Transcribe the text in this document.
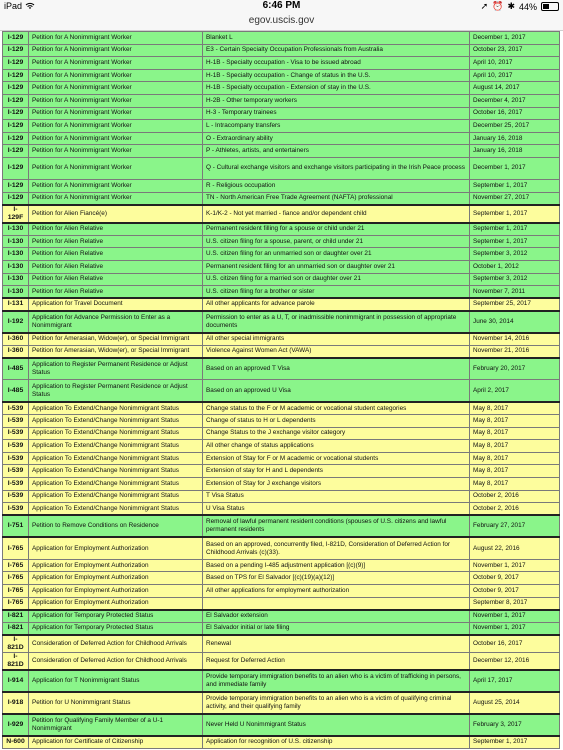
iPad	6:46 PM	➚ ⏰ ✱ 44%
egov.uscis.gov
I-129	Petition for A Nonimmigrant Worker	Blanket L	December 1, 2017
I-129	Petition for A Nonimmigrant Worker	E3 - Certain Specialty Occupation Professionals from Australia	October 23, 2017
I-129	Petition for A Nonimmigrant Worker	H-1B - Specialty occupation - Visa to be issued abroad	April 10, 2017
I-129	Petition for A Nonimmigrant Worker	H-1B - Specialty occupation - Change of status in the U.S.	April 10, 2017
I-129	Petition for A Nonimmigrant Worker	H-1B - Specialty occupation - Extension of stay in the U.S.	August 14, 2017
I-129	Petition for A Nonimmigrant Worker	H-2B - Other temporary workers	December 4, 2017
I-129	Petition for A Nonimmigrant Worker	H-3 - Temporary trainees	October 16, 2017
I-129	Petition for A Nonimmigrant Worker	L - Intracompany transfers	December 25, 2017
I-129	Petition for A Nonimmigrant Worker	O - Extraordinary ability	January 16, 2018
I-129	Petition for A Nonimmigrant Worker	P - Athletes, artists, and entertainers	January 16, 2018
I-129	Petition for A Nonimmigrant Worker	Q - Cultural exchange visitors and exchange visitors participating in the Irish Peace process	December 1, 2017
I-129	Petition for A Nonimmigrant Worker	R - Religious occupation	September 1, 2017
I-129	Petition for A Nonimmigrant Worker	TN - North American Free Trade Agreement (NAFTA) professional	November 27, 2017
I-129F	Petition for Alien Fiancé(e)	K-1/K-2 - Not yet married - fiance and/or dependent child	September 1, 2017
I-130	Petition for Alien Relative	Permanent resident filling for a spouse or child under 21	September 1, 2017
I-130	Petition for Alien Relative	U.S. citizen filing for a spouse, parent, or child under 21	September 1, 2017
I-130	Petition for Alien Relative	U.S. citizen filing for an unmarried son or daughter over 21	September 3, 2012
I-130	Petition for Alien Relative	Permanent resident filing for an unmarried son or daughter over 21	October 1, 2012
I-130	Petition for Alien Relative	U.S. citizen filing for a married son or daughter over 21	September 3, 2012
I-130	Petition for Alien Relative	U.S. citizen filing for a brother or sister	November 7, 2011
I-131	Application for Travel Document	All other applicants for advance parole	September 25, 2017
I-192	Application for Advance Permission to Enter as a Nonimmigrant	Permission to enter as a U, T, or inadmissible nonimmigrant in possession of appropriate documents	June 30, 2014
I-360	Petition for Amerasian, Widow(er), or Special Immigrant	All other special immigrants	November 14, 2016
I-360	Petition for Amerasian, Widow(er), or Special Immigrant	Violence Against Women Act (VAWA)	November 21, 2016
I-485	Application to Register Permanent Residence or Adjust Status	Based on an approved T Visa	February 20, 2017
I-485	Application to Register Permanent Residence or Adjust Status	Based on an approved U Visa	April 2, 2017
I-539	Application To Extend/Change Nonimmigrant Status	Change status to the F or M academic or vocational student categories	May 8, 2017
I-539	Application To Extend/Change Nonimmigrant Status	Change of status to H or L dependents	May 8, 2017
I-539	Application To Extend/Change Nonimmigrant Status	Change Status to the J exchange visitor category	May 8, 2017
I-539	Application To Extend/Change Nonimmigrant Status	All other change of status applications	May 8, 2017
I-539	Application To Extend/Change Nonimmigrant Status	Extension of Stay for F or M academic or vocational students	May 8, 2017
I-539	Application To Extend/Change Nonimmigrant Status	Extension of stay for H and L dependents	May 8, 2017
I-539	Application To Extend/Change Nonimmigrant Status	Extension of Stay for J exchange visitors	May 8, 2017
I-539	Application To Extend/Change Nonimmigrant Status	T Visa Status	October 2, 2016
I-539	Application To Extend/Change Nonimmigrant Status	U Visa Status	October 2, 2016
I-751	Petition to Remove Conditions on Residence	Removal of lawful permanent resident conditions (spouses of U.S. citizens and lawful permanent residents	February 27, 2017
I-765	Application for Employment Authorization	Based on an approved, concurrently filed, I-821D, Consideration of Deferred Action for Childhood Arrivals (c)(33).	August 22, 2016
I-765	Application for Employment Authorization	Based on a pending I-485 adjustment application [(c)(9)]	November 1, 2017
I-765	Application for Employment Authorization	Based on TPS for El Salvador [(c)(19)(a)(12)]	October 9, 2017
I-765	Application for Employment Authorization	All other applications for employment authorization	October 9, 2017
I-765	Application for Employment Authorization		September 8, 2017
I-821	Application for Temporary Protected Status	El Salvador extension	November 1, 2017
I-821	Application for Temporary Protected Status	El Salvador initial or late filing	November 1, 2017
I-821D	Consideration of Deferred Action for Childhood Arrivals	Renewal	October 16, 2017
I-821D	Consideration of Deferred Action for Childhood Arrivals	Request for Deferred Action	December 12, 2016
I-914	Application for T Nonimmigrant Status	Provide temporary immigration benefits to an alien who is a victim of trafficking in persons, and immediate family	April 17, 2017
I-918	Petition for U Nonimmigrant Status	Provide temporary immigration benefits to an alien who is a victim of qualifying criminal activity, and their qualifying family	August 25, 2014
I-929	Petition for Qualifying Family Member of a U-1 Nonimmigrant	Never Held U Nonimmigrant Status	February 3, 2017
N-600	Application for Certificate of Citizenship	Application for recognition of U.S. citizenship	September 1, 2017
